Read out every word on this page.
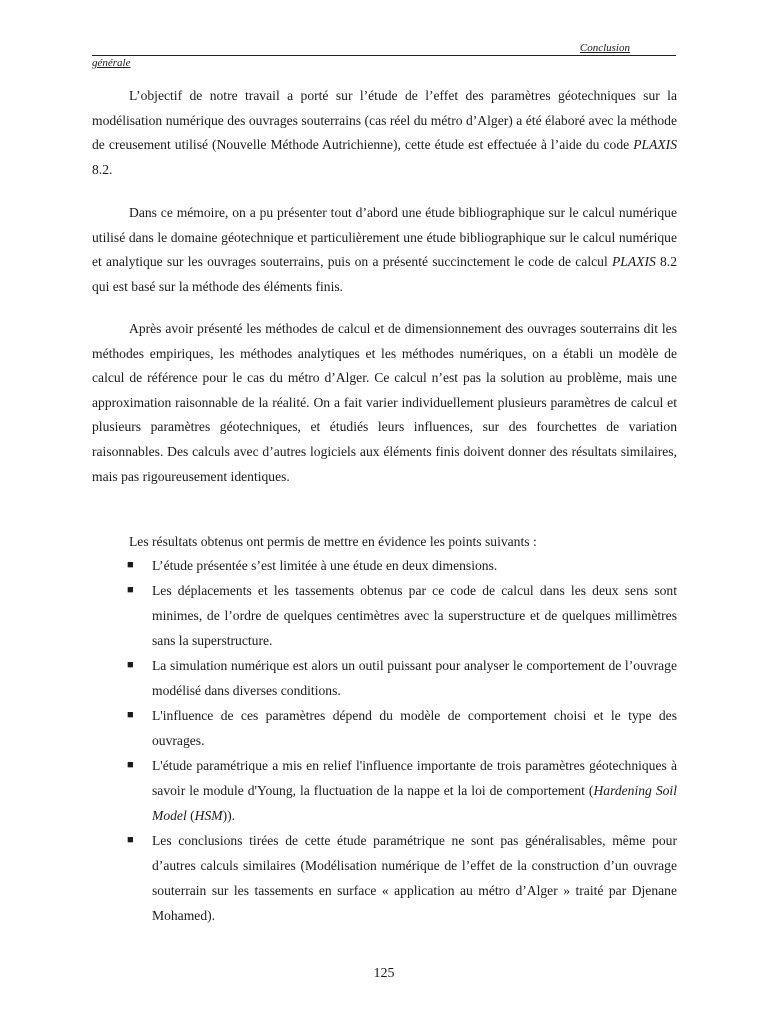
Conclusion
générale

L’objectif de notre travail a porté sur l’étude de l’effet des paramètres géotechniques sur la modélisation numérique des ouvrages souterrains (cas réel du métro d’Alger) a été élaboré avec la méthode de creusement utilisé (Nouvelle Méthode Autrichienne), cette étude est effectuée à l’aide du code PLAXIS 8.2.

Dans ce mémoire, on a pu présenter tout d’abord une étude bibliographique sur le calcul numérique utilisé dans le domaine géotechnique et particulièrement une étude bibliographique sur le calcul numérique et analytique sur les ouvrages souterrains, puis on a présenté succinctement le code de calcul PLAXIS 8.2 qui est basé sur la méthode des éléments finis.

Après avoir présenté les méthodes de calcul et de dimensionnement des ouvrages souterrains dit les méthodes empiriques, les méthodes analytiques et les méthodes numériques, on a établi un modèle de calcul de référence pour le cas du métro d’Alger. Ce calcul n’est pas la solution au problème, mais une approximation raisonnable de la réalité. On a fait varier individuellement plusieurs paramètres de calcul et plusieurs paramètres géotechniques, et étudiés leurs influences, sur des fourchettes de variation raisonnables. Des calculs avec d’autres logiciels aux éléments finis doivent donner des résultats similaires, mais pas rigoureusement identiques.

Les résultats obtenus ont permis de mettre en évidence les points suivants :

■ L’étude présentée s’est limitée à une étude en deux dimensions.
■ Les déplacements et les tassements obtenus par ce code de calcul dans les deux sens sont minimes, de l’ordre de quelques centimètres avec la superstructure et de quelques millimètres sans la superstructure.
■ La simulation numérique est alors un outil puissant pour analyser le comportement de l’ouvrage modélisé dans diverses conditions.
■ L'influence de ces paramètres dépend du modèle de comportement choisi et le type des ouvrages.
■ L'étude paramétrique a mis en relief l'influence importante de trois paramètres géotechniques à savoir le module d'Young, la fluctuation de la nappe et la loi de comportement (Hardening Soil Model (HSM)).
■ Les conclusions tirées de cette étude paramétrique ne sont pas généralisables, même pour d’autres calculs similaires (Modélisation numérique de l’effet de la construction d’un ouvrage souterrain sur les tassements en surface « application au métro d’Alger » traité par Djenane Mohamed).
125
